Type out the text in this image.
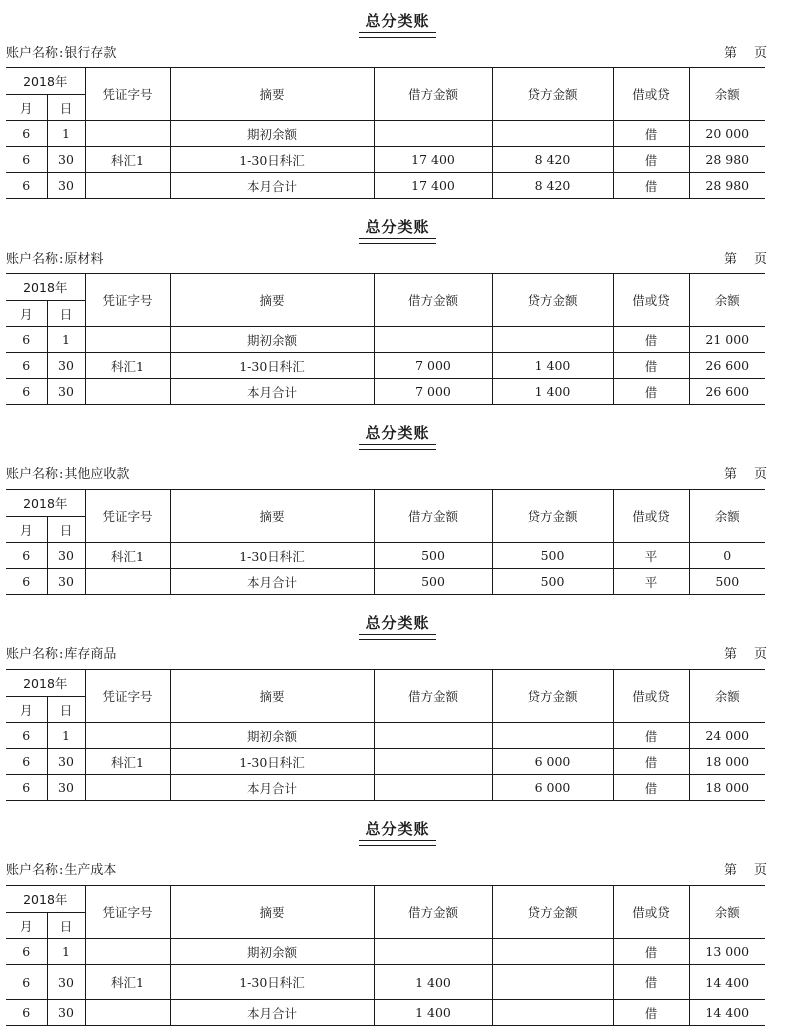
总分类账
账户名称:银行存款	第 页
2018年		凭证字号	摘要	借方金额	贷方金额	借或贷	余额
月	日						
6	1		期初余额			借	20 000
6	30	科汇1	1-30日科汇	17 400	8 420	借	28 980
6	30		本月合计	17 400	8 420	借	28 980
总分类账
账户名称:原材料	第 页
2018年		凭证字号	摘要	借方金额	贷方金额	借或贷	余额
月	日						
6	1		期初余额			借	21 000
6	30	科汇1	1-30日科汇	7 000	1 400	借	26 600
6	30		本月合计	7 000	1 400	借	26 600
总分类账
账户名称:其他应收款	第 页
2018年		凭证字号	摘要	借方金额	贷方金额	借或贷	余额
月	日						
6	30	科汇1	1-30日科汇	500	500	平	0
6	30		本月合计	500	500	平	500
总分类账
账户名称:库存商品	第 页
2018年		凭证字号	摘要	借方金额	贷方金额	借或贷	余额
月	日						
6	1		期初余额			借	24 000
6	30	科汇1	1-30日科汇		6 000	借	18 000
6	30		本月合计		6 000	借	18 000
总分类账
账户名称:生产成本	第 页
2018年		凭证字号	摘要	借方金额	贷方金额	借或贷	余额
月	日						
6	1		期初余额			借	13 000
6	30	科汇1	1-30日科汇	1 400		借	14 400
6	30		本月合计	1 400		借	14 400
